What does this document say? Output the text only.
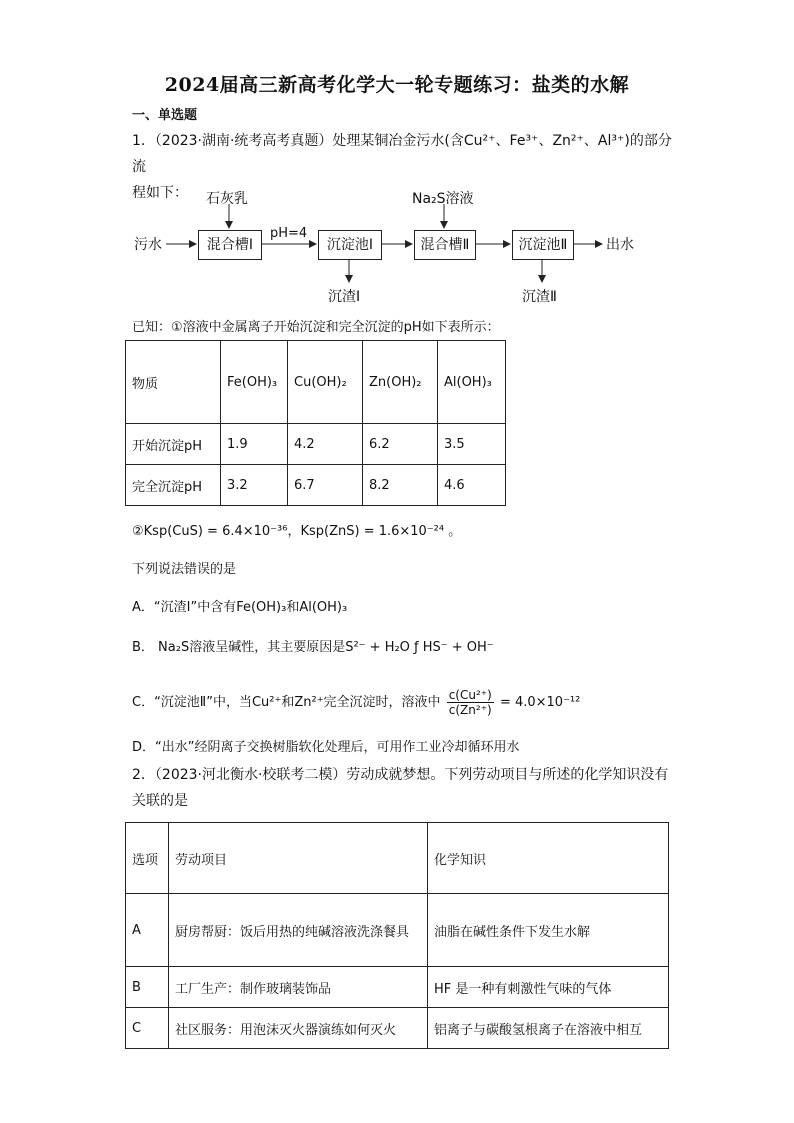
2024届高三新高考化学大一轮专题练习：盐类的水解
一、单选题
1．（2023·湖南·统考高考真题）处理某铜冶金污水(含Cu²⁺、Fe³⁺、Zn²⁺、Al³⁺)的部分流
程如下：
污水	混合槽Ⅰ	沉淀池Ⅰ	混合槽Ⅱ	沉淀池Ⅱ	出水
石灰乳	Na₂S溶液
pH=4
沉渣Ⅰ	沉渣Ⅱ
已知：①溶液中金属离子开始沉淀和完全沉淀的pH如下表所示：
物质	Fe(OH)₃	Cu(OH)₂	Zn(OH)₂	Al(OH)₃
开始沉淀pH	1.9	4.2	6.2	3.5
完全沉淀pH	3.2	6.7	8.2	4.6
②Ksp(CuS) = 6.4×10⁻³⁶，Ksp(ZnS) = 1.6×10⁻²⁴ 。
下列说法错误的是
A．“沉渣Ⅰ”中含有Fe(OH)₃和Al(OH)₃
B． Na₂S溶液呈碱性，其主要原因是S²⁻ + H₂O ƒ HS⁻ + OH⁻
C．“沉淀池Ⅱ”中，当Cu²⁺和Zn²⁺完全沉淀时，溶液中 $\frac{\text{c(Cu²⁺)}}{\text{c(Zn²⁺)}} = 4.0\times 10^{-12}$
D．“出水”经阴离子交换树脂软化处理后，可用作工业冷却循环用水
2．（2023·河北衡水·校联考二模）劳动成就梦想。下列劳动项目与所述的化学知识没有
关联的是
选项	劳动项目	化学知识
A	厨房帮厨：饭后用热的纯碱溶液洗涤餐具	油脂在碱性条件下发生水解
B	工厂生产：制作玻璃装饰品	HF 是一种有刺激性气味的气体
C	社区服务：用泡沫灭火器演练如何灭火	铝离子与碳酸氢根离子在溶液中相互
